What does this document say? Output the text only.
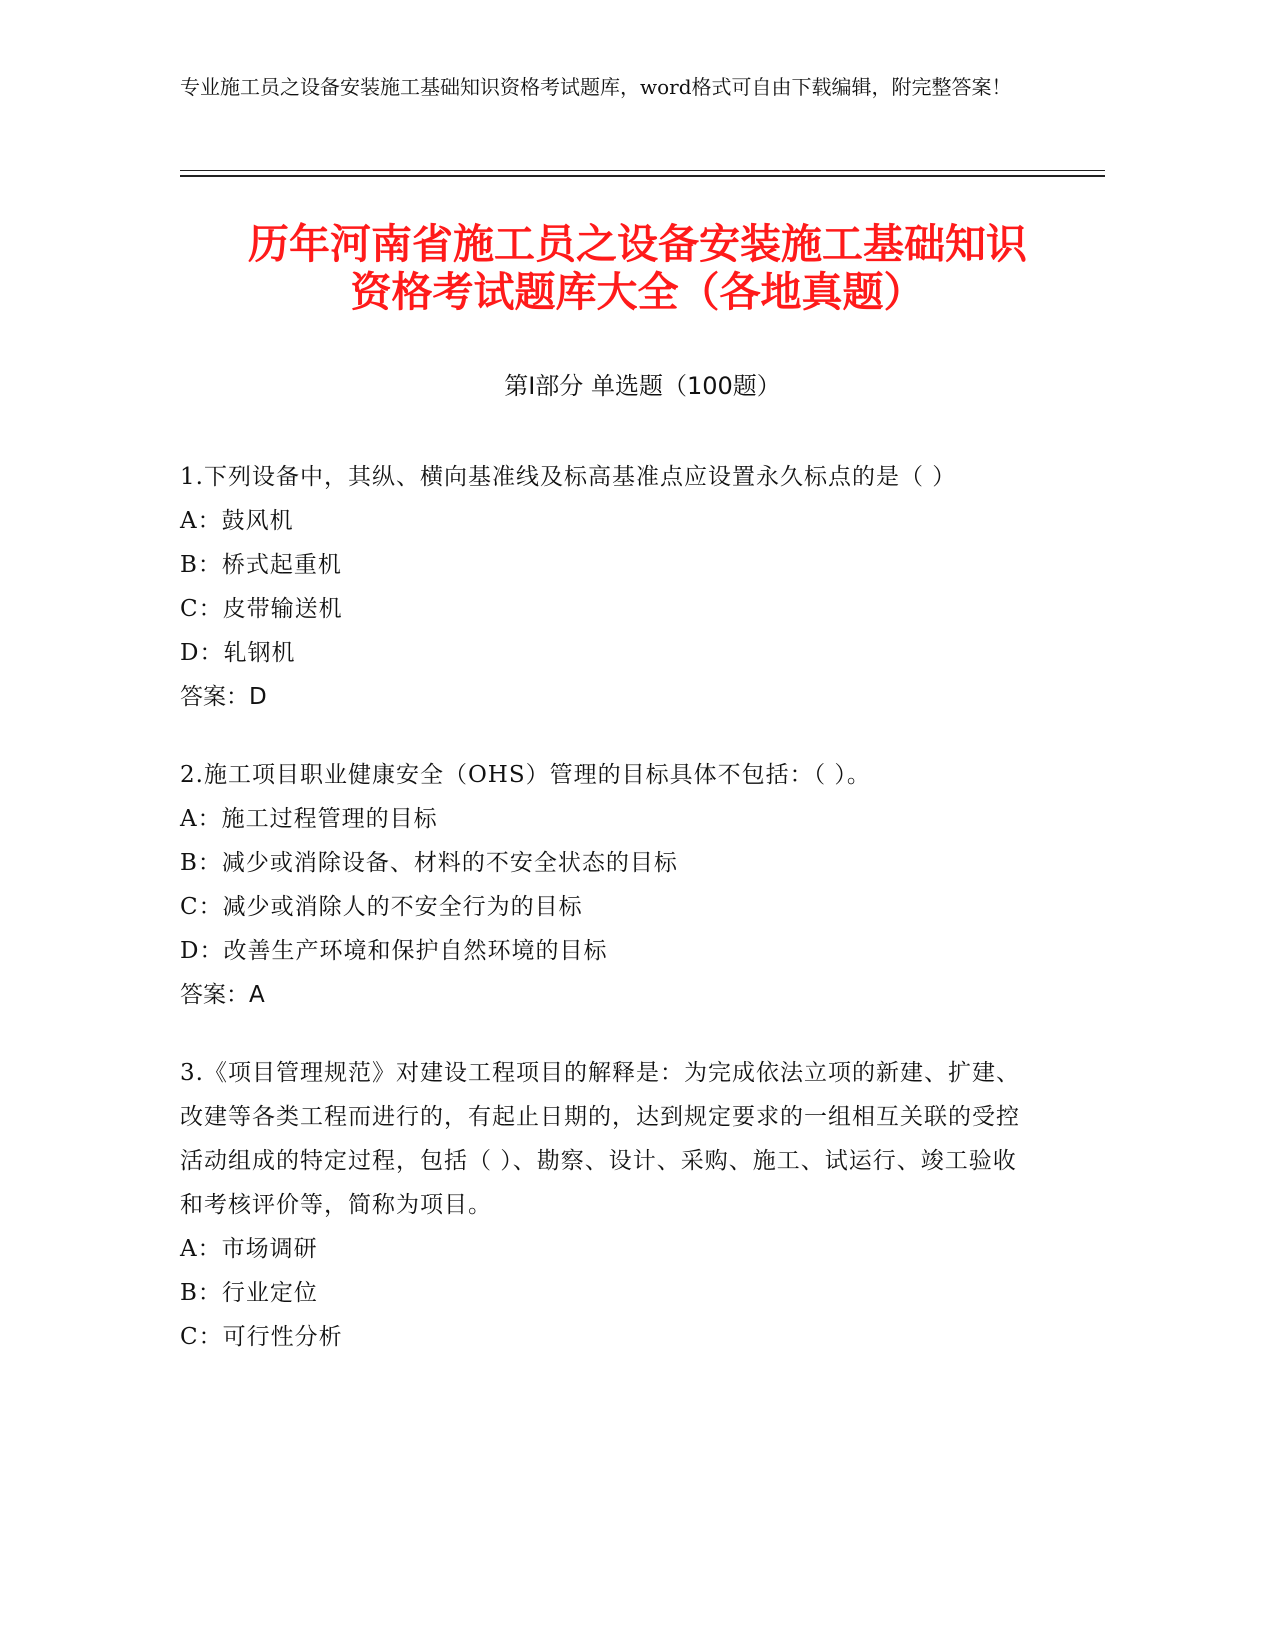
专业施工员之设备安装施工基础知识资格考试题库，word格式可自由下载编辑，附完整答案！
历年河南省施工员之设备安装施工基础知识
资格考试题库大全（各地真题）
第Ⅰ部分 单选题（100题）
1.下列设备中，其纵、横向基准线及标高基准点应设置永久标点的是（ ）
A：鼓风机
B：桥式起重机
C：皮带输送机
D：轧钢机
答案：D
2.施工项目职业健康安全（OHS）管理的目标具体不包括：（ ）。
A：施工过程管理的目标
B：减少或消除设备、材料的不安全状态的目标
C：减少或消除人的不安全行为的目标
D：改善生产环境和保护自然环境的目标
答案：A
3.《项目管理规范》对建设工程项目的解释是：为完成依法立项的新建、扩建、改建等各类工程而进行的，有起止日期的，达到规定要求的一组相互关联的受控活动组成的特定过程，包括（ ）、勘察、设计、采购、施工、试运行、竣工验收和考核评价等，简称为项目。
A：市场调研
B：行业定位
C：可行性分析
